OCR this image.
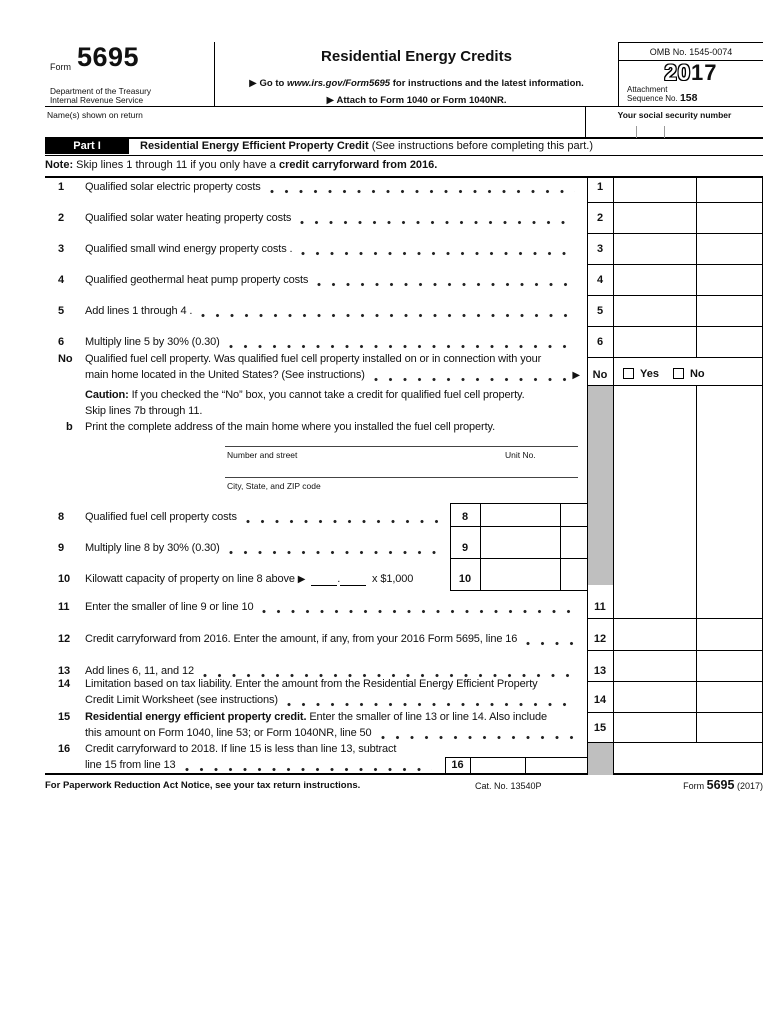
Form 5695
Department of the Treasury
Internal Revenue Service
Residential Energy Credits
▶ Go to www.irs.gov/Form5695 for instructions and the latest information.
▶ Attach to Form 1040 or Form 1040NR.
OMB No. 1545-0074
2017
Attachment
Sequence No. 158
Name(s) shown on return	Your social security number
Part I	Residential Energy Efficient Property Credit (See instructions before completing this part.)
Note: Skip lines 1 through 11 if you only have a credit carryforward from 2016.
1	Qualified solar electric property costs
2	Qualified solar water heating property costs
3	Qualified small wind energy property costs .
4	Qualified geothermal heat pump property costs
5	Add lines 1 through 4 .
6	Multiply line 5 by 30% (0.30)
No	Qualified fuel cell property. Was qualified fuel cell property installed on or in connection with your
main home located in the United States? (See instructions)	▶
Caution: If you checked the “No” box, you cannot take a credit for qualified fuel cell property.
Skip lines 7b through 11.
b	Print the complete address of the main home where you installed the fuel cell property.
Number and street	Unit No.
City, State, and ZIP code
8	Qualified fuel cell property costs
9	Multiply line 8 by 30% (0.30)
10	Kilowatt capacity of property on line 8 above ▶	.	x $1,000
11	Enter the smaller of line 9 or line 10
12	Credit carryforward from 2016. Enter the amount, if any, from your 2016 Form 5695, line 16
13	Add lines 6, 11, and 12
14	Limitation based on tax liability. Enter the amount from the Residential Energy Efficient Property
Credit Limit Worksheet (see instructions)
15	Residential energy efficient property credit. Enter the smaller of line 13 or line 14. Also include
this amount on Form 1040, line 53; or Form 1040NR, line 50
16	Credit carryforward to 2018. If line 15 is less than line 13, subtract
line 15 from line 13
1
2
3
4
5
6
No
11
12
13
14
15
Yes	No
8
9
10
16
For Paperwork Reduction Act Notice, see your tax return instructions.	Cat. No. 13540P	Form 5695 (2017)
